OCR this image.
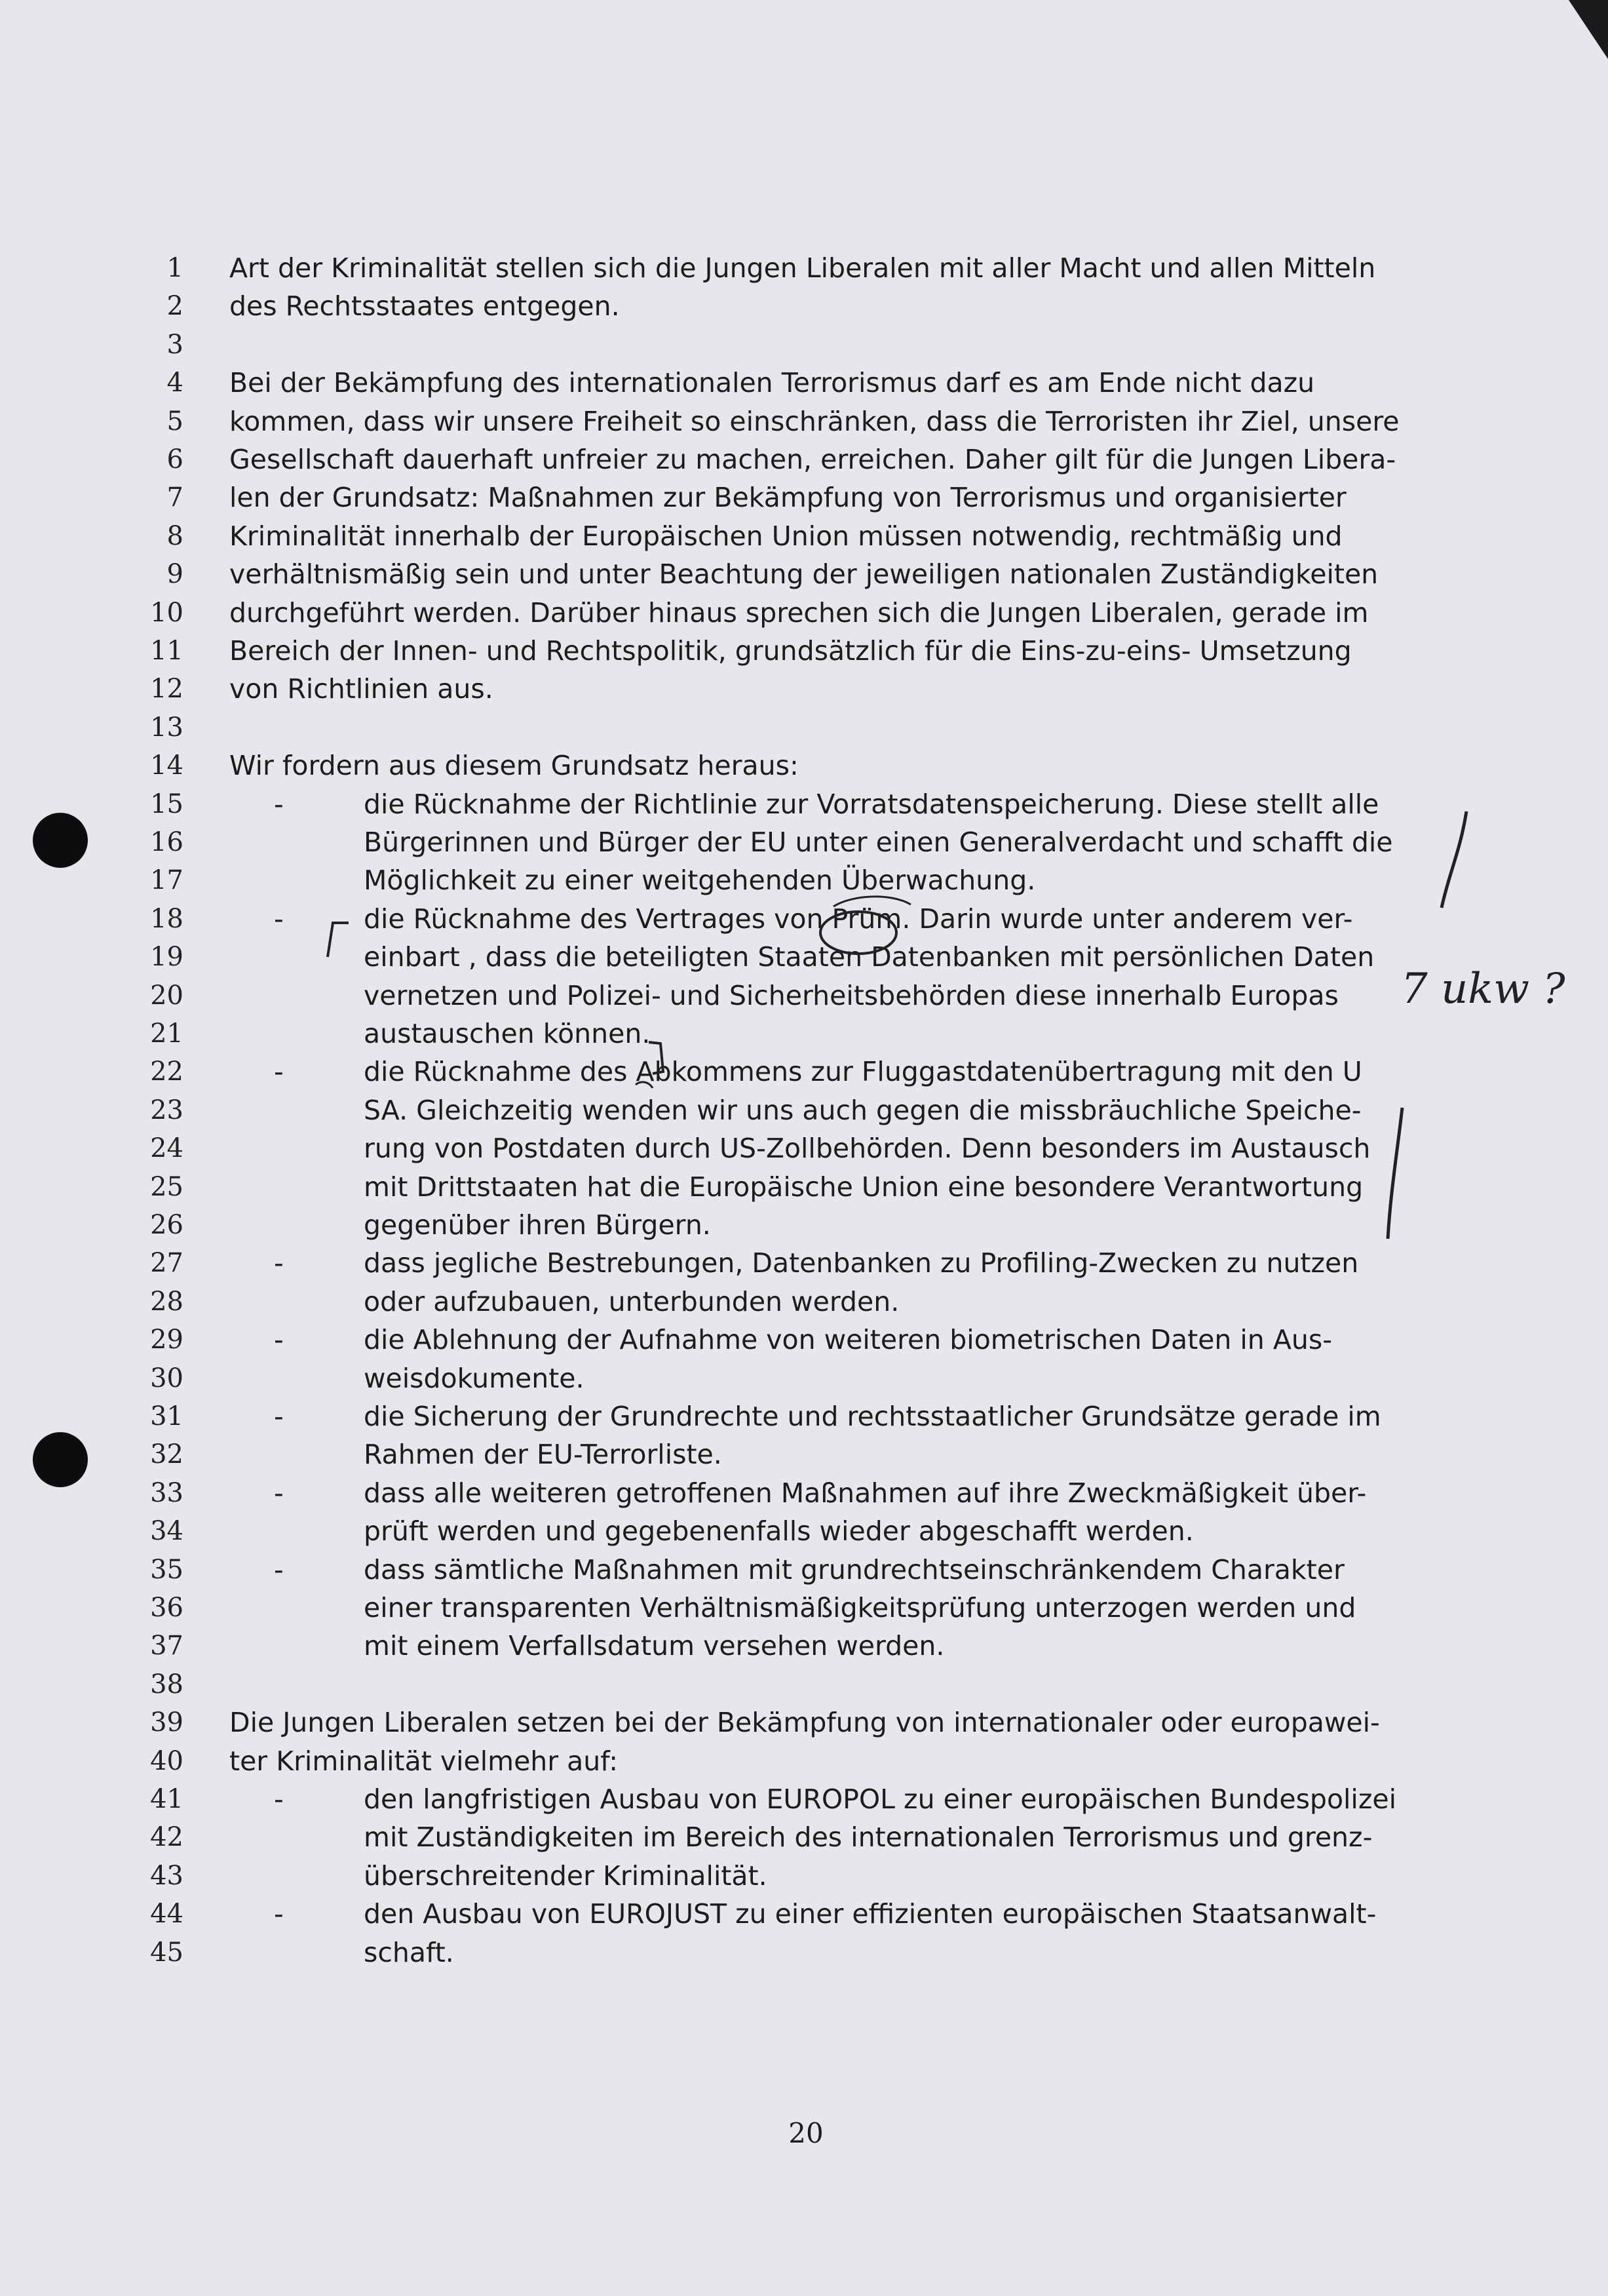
1 Art der Kriminalität stellen sich die Jungen Liberalen mit aller Macht und allen Mitteln
2 des Rechtsstaates entgegen.
3
4 Bei der Bekämpfung des internationalen Terrorismus darf es am Ende nicht dazu
5 kommen, dass wir unsere Freiheit so einschränken, dass die Terroristen ihr Ziel, unsere
6 Gesellschaft dauerhaft unfreier zu machen, erreichen. Daher gilt für die Jungen Libera-
7 len der Grundsatz: Maßnahmen zur Bekämpfung von Terrorismus und organisierter
8 Kriminalität innerhalb der Europäischen Union müssen notwendig, rechtmäßig und
9 verhältnismäßig sein und unter Beachtung der jeweiligen nationalen Zuständigkeiten
10 durchgeführt werden. Darüber hinaus sprechen sich die Jungen Liberalen, gerade im
11 Bereich der Innen- und Rechtspolitik, grundsätzlich für die Eins-zu-eins- Umsetzung
12 von Richtlinien aus.
13
14 Wir fordern aus diesem Grundsatz heraus:
15	-	die Rücknahme der Richtlinie zur Vorratsdatenspeicherung. Diese stellt alle
16	Bürgerinnen und Bürger der EU unter einen Generalverdacht und schafft die
17	Möglichkeit zu einer weitgehenden Überwachung.
18	-	die Rücknahme des Vertrages von Prüm. Darin wurde unter anderem ver-
19	einbart , dass die beteiligten Staaten Datenbanken mit persönlichen Daten
20	vernetzen und Polizei- und Sicherheitsbehörden diese innerhalb Europas
21	austauschen können.
22	-	die Rücknahme des Abkommens zur Fluggastdatenübertragung mit den U
23	SA. Gleichzeitig wenden wir uns auch gegen die missbräuchliche Speiche-
24	rung von Postdaten durch US-Zollbehörden. Denn besonders im Austausch
25	mit Drittstaaten hat die Europäische Union eine besondere Verantwortung
26	gegenüber ihren Bürgern.
27	-	dass jegliche Bestrebungen, Datenbanken zu Profiling-Zwecken zu nutzen
28	oder aufzubauen, unterbunden werden.
29	-	die Ablehnung der Aufnahme von weiteren biometrischen Daten in Aus-
30	weisdokumente.
31	-	die Sicherung der Grundrechte und rechtsstaatlicher Grundsätze gerade im
32	Rahmen der EU-Terrorliste.
33	-	dass alle weiteren getroffenen Maßnahmen auf ihre Zweckmäßigkeit über-
34	prüft werden und gegebenenfalls wieder abgeschafft werden.
35	-	dass sämtliche Maßnahmen mit grundrechtseinschränkendem Charakter
36	einer transparenten Verhältnismäßigkeitsprüfung unterzogen werden und
37	mit einem Verfallsdatum versehen werden.
38
39 Die Jungen Liberalen setzen bei der Bekämpfung von internationaler oder europawei-
40 ter Kriminalität vielmehr auf:
41	-	den langfristigen Ausbau von EUROPOL zu einer europäischen Bundespolizei
42	mit Zuständigkeiten im Bereich des internationalen Terrorismus und grenz-
43	überschreitender Kriminalität.
44	-	den Ausbau von EUROJUST zu einer effizienten europäischen Staatsanwalt-
45	schaft.
20
7 ukw ?
